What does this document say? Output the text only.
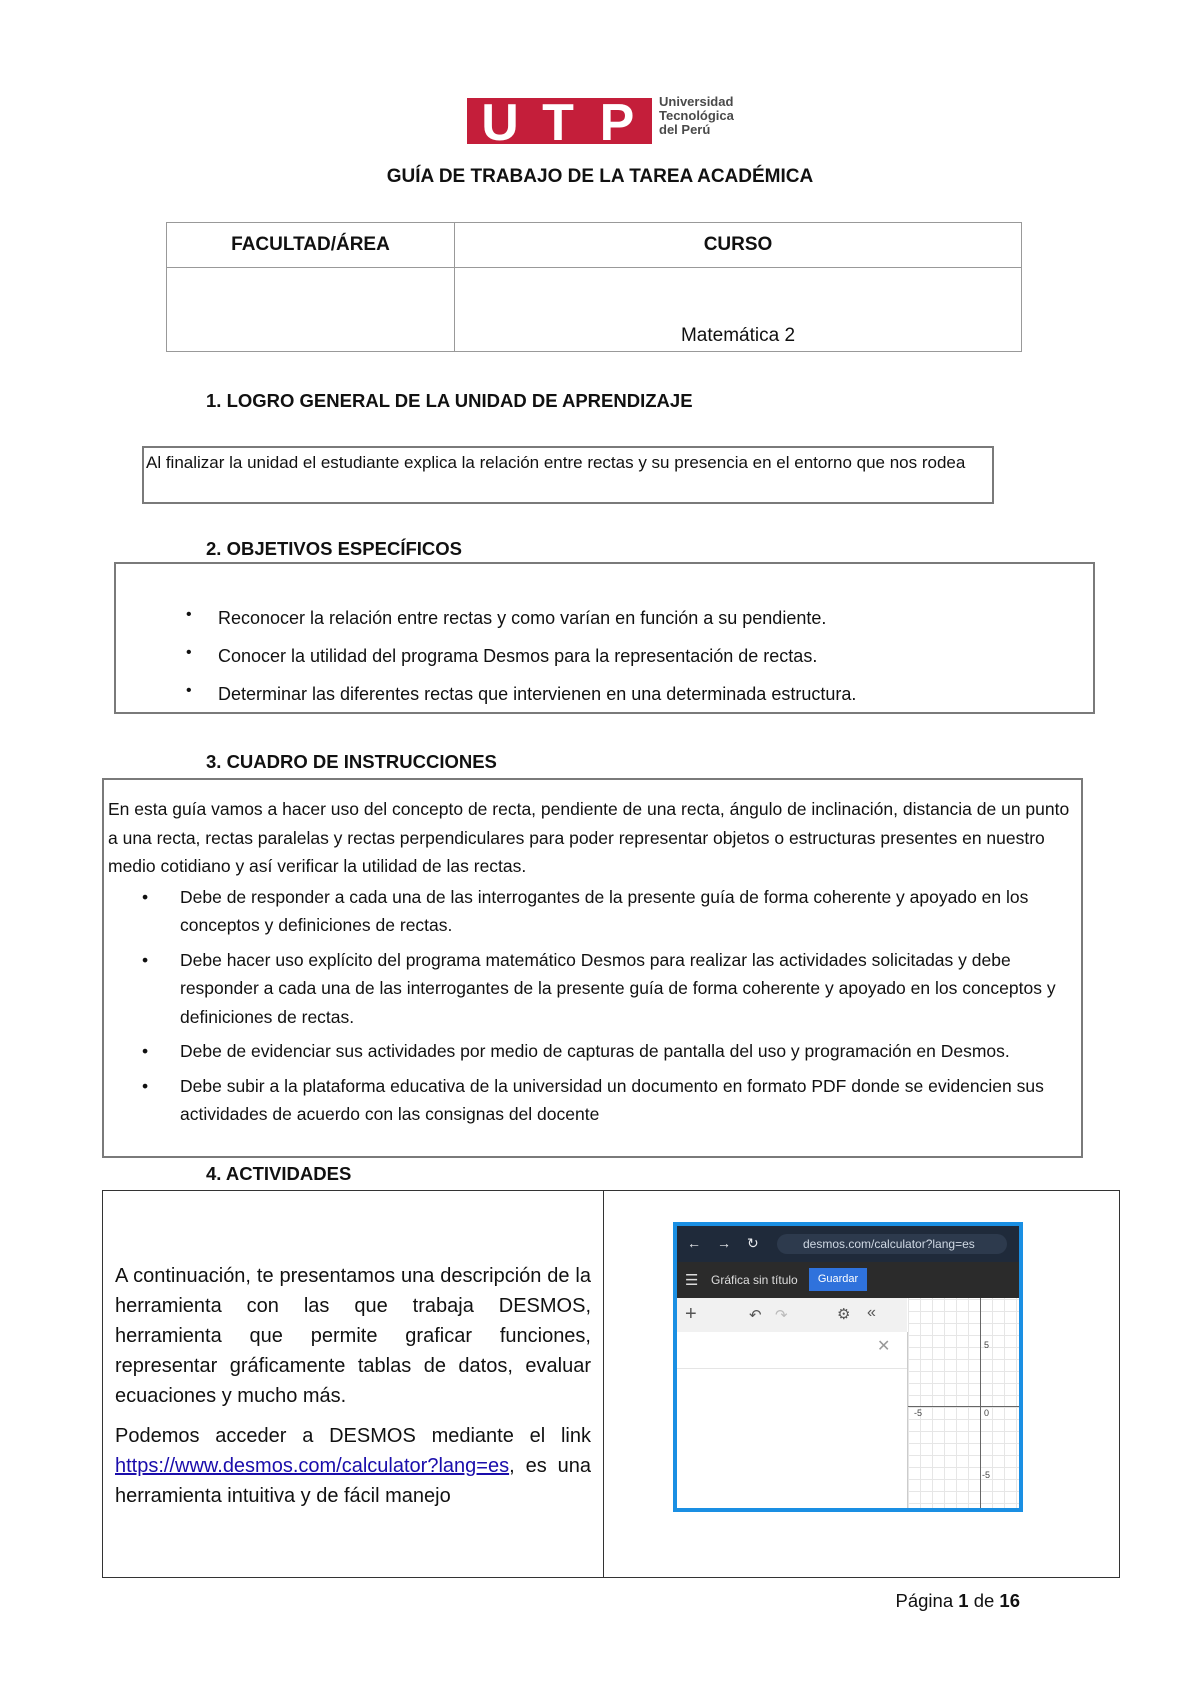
U T P	Universidad
Tecnológica
del Perú
GUÍA DE TRABAJO DE LA TAREA ACADÉMICA
FACULTAD/ÁREA	CURSO
	Matemática 2
1. LOGRO GENERAL DE LA UNIDAD DE APRENDIZAJE
Al finalizar la unidad el estudiante explica la relación entre rectas y su presencia en el entorno que nos rodea
2. OBJETIVOS ESPECÍFICOS
• Reconocer la relación entre rectas y como varían en función a su pendiente.
• Conocer la utilidad del programa Desmos para la representación de rectas.
• Determinar las diferentes rectas que intervienen en una determinada estructura.
3. CUADRO DE INSTRUCCIONES

En esta guía vamos a hacer uso del concepto de recta, pendiente de una recta, ángulo de inclinación, distancia de un punto a una recta, rectas paralelas y rectas perpendiculares para poder representar objetos o estructuras presentes en nuestro medio cotidiano y así verificar la utilidad de las rectas.

• Debe de responder a cada una de las interrogantes de la presente guía de forma coherente y apoyado en los conceptos y definiciones de rectas.
• Debe hacer uso explícito del programa matemático Desmos para realizar las actividades solicitadas y debe responder a cada una de las interrogantes de la presente guía de forma coherente y apoyado en los conceptos y definiciones de rectas.
• Debe de evidenciar sus actividades por medio de capturas de pantalla del uso y programación en Desmos.
• Debe subir a la plataforma educativa de la universidad un documento en formato PDF donde se evidencien sus actividades de acuerdo con las consignas del docente
4. ACTIVIDADES

A continuación, te presentamos una descripción de la herramienta con las que trabaja DESMOS, herramienta que permite graficar funciones, representar gráficamente tablas de datos, evaluar ecuaciones y mucho más.

Podemos acceder a DESMOS mediante el link https://www.desmos.com/calculator?lang=es, es una herramienta intuitiva y de fácil manejo

← → ↻	desmos.com/calculator?lang=es
☰ Gráfica sin título	Guardar
+	↶ ↷	⚙ «
✕	5
-5	0
-5
Página 1 de 16
